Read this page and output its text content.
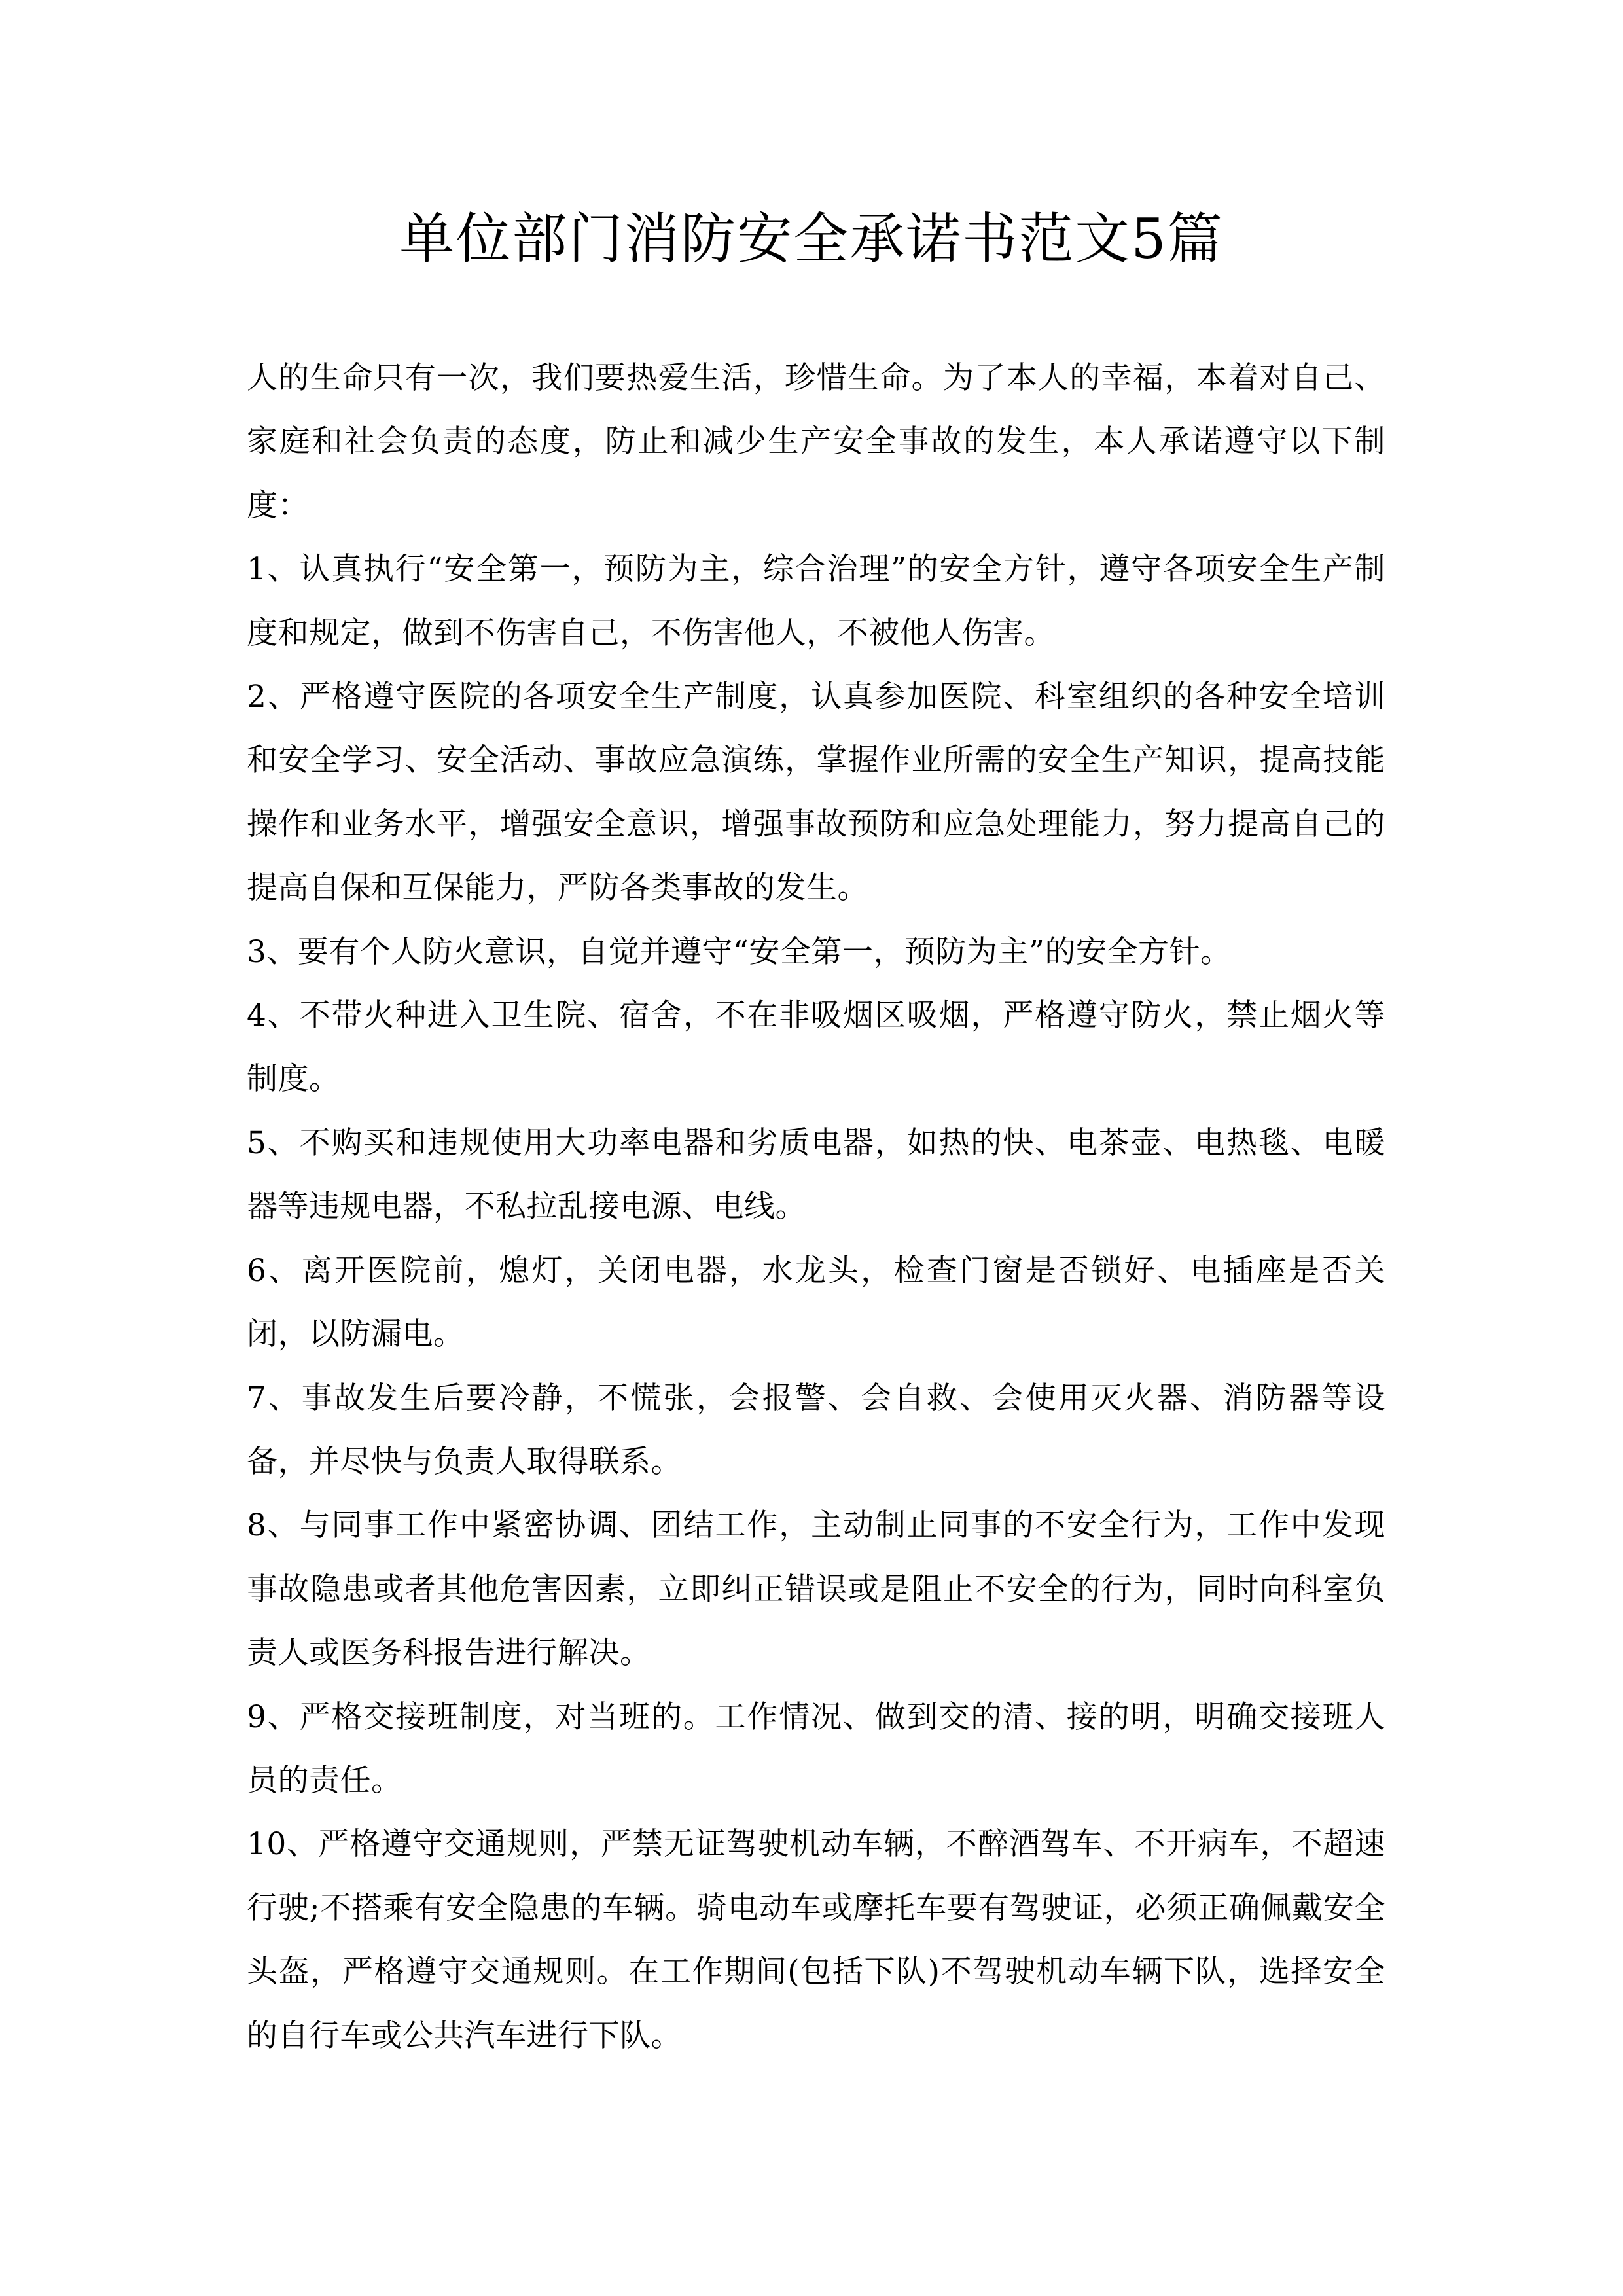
单位部门消防安全承诺书范文5篇

人的生命只有一次，我们要热爱生活，珍惜生命。为了本人的幸福，本着对自己、家庭和社会负责的态度，防止和减少生产安全事故的发生，本人承诺遵守以下制度：

1、认真执行“安全第一，预防为主，综合治理”的安全方针，遵守各项安全生产制度和规定，做到不伤害自己，不伤害他人，不被他人伤害。

2、严格遵守医院的各项安全生产制度，认真参加医院、科室组织的各种安全培训和安全学习、安全活动、事故应急演练，掌握作业所需的安全生产知识，提高技能操作和业务水平，增强安全意识，增强事故预防和应急处理能力，努力提高自己的提高自保和互保能力，严防各类事故的发生。

3、要有个人防火意识，自觉并遵守“安全第一，预防为主”的安全方针。

4、不带火种进入卫生院、宿舍，不在非吸烟区吸烟，严格遵守防火，禁止烟火等制度。

5、不购买和违规使用大功率电器和劣质电器，如热的快、电茶壶、电热毯、电暖器等违规电器，不私拉乱接电源、电线。

6、离开医院前，熄灯，关闭电器，水龙头，检查门窗是否锁好、电插座是否关闭，以防漏电。

7、事故发生后要冷静，不慌张，会报警、会自救、会使用灭火器、消防器等设备，并尽快与负责人取得联系。

8、与同事工作中紧密协调、团结工作，主动制止同事的不安全行为，工作中发现事故隐患或者其他危害因素，立即纠正错误或是阻止不安全的行为，同时向科室负责人或医务科报告进行解决。

9、严格交接班制度，对当班的。工作情况、做到交的清、接的明，明确交接班人员的责任。

10、严格遵守交通规则，严禁无证驾驶机动车辆，不醉酒驾车、不开病车，不超速行驶;不搭乘有安全隐患的车辆。骑电动车或摩托车要有驾驶证，必须正确佩戴安全头盔，严格遵守交通规则。在工作期间(包括下队)不驾驶机动车辆下队，选择安全的自行车或公共汽车进行下队。
